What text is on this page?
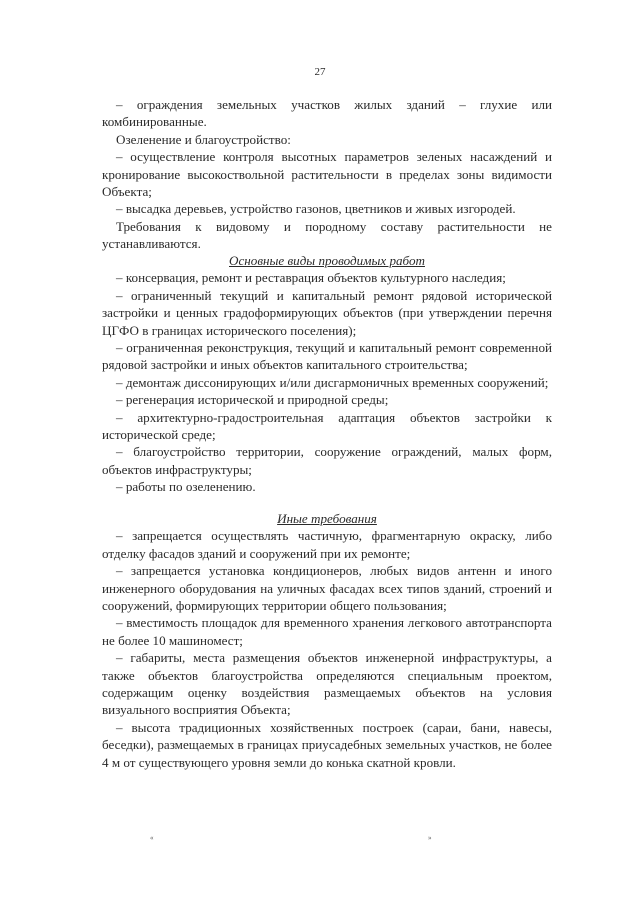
27

– ограждения земельных участков жилых зданий – глухие или комбинированные.

Озеленение и благоустройство:

– осуществление контроля высотных параметров зеленых насаждений и кронирование высокоствольной растительности в пределах зоны видимости Объекта;

– высадка деревьев, устройство газонов, цветников и живых изгородей.

Требования к видовому и породному составу растительности не устанавливаются.

Основные виды проводимых работ

– консервация, ремонт и реставрация объектов культурного наследия;

– ограниченный текущий и капитальный ремонт рядовой исторической застройки и ценных градоформирующих объектов (при утверждении перечня ЦГФО в границах исторического поселения);

– ограниченная реконструкция, текущий и капитальный ремонт современной рядовой застройки и иных объектов капитального строительства;

– демонтаж диссонирующих и/или дисгармоничных временных сооружений;

– регенерация исторической и природной среды;

– архитектурно-градостроительная адаптация объектов застройки к исторической среде;

– благоустройство территории, сооружение ограждений, малых форм, объектов инфраструктуры;

– работы по озеленению.

Иные требования

– запрещается осуществлять частичную, фрагментарную окраску, либо отделку фасадов зданий и сооружений при их ремонте;

– запрещается установка кондиционеров, любых видов антенн и иного инженерного оборудования на уличных фасадах всех типов зданий, строений и сооружений, формирующих территории общего пользования;

– вместимость площадок для временного хранения легкового автотранспорта не более 10 машиномест;

– габариты, места размещения объектов инженерной инфраструктуры, а также объектов благоустройства определяются специальным проектом, содержащим оценку воздействия размещаемых объектов на условия визуального восприятия Объекта;

– высота традиционных хозяйственных построек (сараи, бани, навесы, беседки), размещаемых в границах приусадебных земельных участков, не более 4 м от существующего уровня земли до конька скатной кровли.

«	»
